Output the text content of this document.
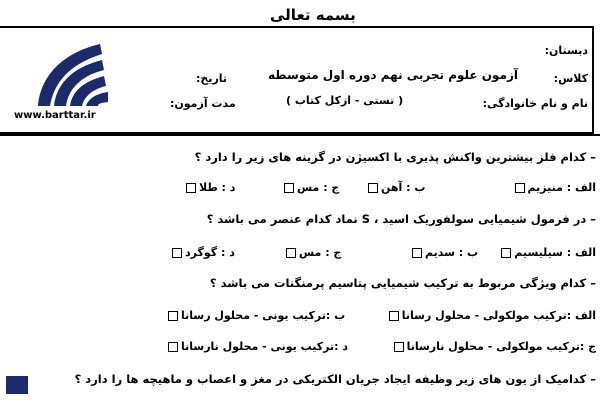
بسمه تعالی
www.barttar.ir
دبستان:
کلاس:
نام و نام خانوادگی:
آزمون علوم تجربی نهم دوره اول متوسطه
( تستی - ازکل کتاب )
تاریخ:
مدت آزمون:
– کدام فلز بیشترین واکنش پذیری با اکسیژن در گزینه های زیر را دارد ؟
الف : منیزیم
ب : آهن
ج : مس
د : طلا
– در فرمول شیمیایی سولفوریک اسید ، S نماد کدام عنصر می باشد ؟
الف : سیلیسیم
ب : سدیم
ج : مس
د : گوگرد
– کدام ویژگی مربوط به ترکیب شیمیایی پتاسیم پرمنگنات می باشد ؟
الف :ترکیب مولکولی - محلول رسانا
ب :ترکیب یونی - محلول رسانا
ج :ترکیب مولکولی - محلول نارسانا
د :ترکیب یونی - محلول نارسانا
– کدامیک از یون های زیر وظیفه ایجاد جریان الکتریکی در مغز و اعصاب و ماهیچه ها را دارد ؟
